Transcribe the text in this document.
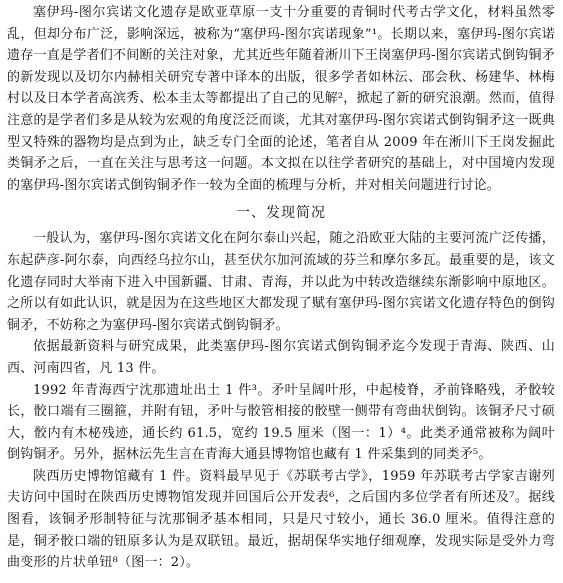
塞伊玛-图尔宾诺文化遗存是欧亚草原一支十分重要的青铜时代考古学文化，材料虽然零乱，但却分布广泛，影响深远，被称为“塞伊玛-图尔宾诺现象”¹。长期以来，塞伊玛-图尔宾诺遗存一直是学者们不间断的关注对象，尤其近些年随着淅川下王岗塞伊玛-图尔宾诺式倒钩铜矛的新发现以及切尔内赫相关研究专著中译本的出版，很多学者如林沄、邵会秋、杨建华、林梅村以及日本学者高滨秀、松本圭太等都提出了自己的见解²，掀起了新的研究浪潮。然而，值得注意的是学者们多是从较为宏观的角度泛泛而谈，尤其对塞伊玛-图尔宾诺式倒钩铜矛这一既典型又特殊的器物均是点到为止，缺乏专门全面的论述，笔者自从 2009 年在淅川下王岗发掘此类铜矛之后，一直在关注与思考这一问题。本文拟在以往学者研究的基础上，对中国境内发现的塞伊玛-图尔宾诺式倒钩铜矛作一较为全面的梳理与分析，并对相关问题进行讨论。

一、发现简况

一般认为，塞伊玛-图尔宾诺文化在阿尔泰山兴起，随之沿欧亚大陆的主要河流广泛传播，东起萨彦-阿尔泰，向西经乌拉尔山，甚至伏尔加河流域的芬兰和摩尔多瓦。最重要的是，该文化遗存同时大举南下进入中国新疆、甘肃、青海，并以此为中转改造继续东渐影响中原地区。之所以有如此认识，就是因为在这些地区大都发现了赋有塞伊玛-图尔宾诺文化遗存特色的倒钩铜矛，不妨称之为塞伊玛-图尔宾诺式倒钩铜矛。

依据最新资料与研究成果，此类塞伊玛-图尔宾诺式倒钩铜矛迄今发现于青海、陕西、山西、河南四省，凡 13 件。

1992 年青海西宁沈那遗址出土 1 件³。矛叶呈阔叶形，中起棱脊，矛前锋略残，矛骹较长，骹口端有三圈箍，并附有钮，矛叶与骹管相接的骹壁一侧带有弯曲状倒钩。该铜矛尺寸硕大，骹内有木柲残迹，通长约 61.5，宽约 19.5 厘米（图一：1）⁴。此类矛通常被称为阔叶倒钩铜矛。另外，据林沄先生言在青海大通县博物馆也藏有 1 件采集到的同类矛⁵。

陕西历史博物馆藏有 1 件。资料最早见于《苏联考古学》，1959 年苏联考古学家吉谢列夫访问中国时在陕西历史博物馆发现并回国后公开发表⁶，之后国内多位学者有所述及⁷。据线图看，该铜矛形制特征与沈那铜矛基本相同，只是尺寸较小，通长 36.0 厘米。值得注意的是，铜矛骹口端的钮原多认为是双联钮。最近，据胡保华实地仔细观摩，发现实际是受外力弯曲变形的片状单钮⁸（图一：2）。
